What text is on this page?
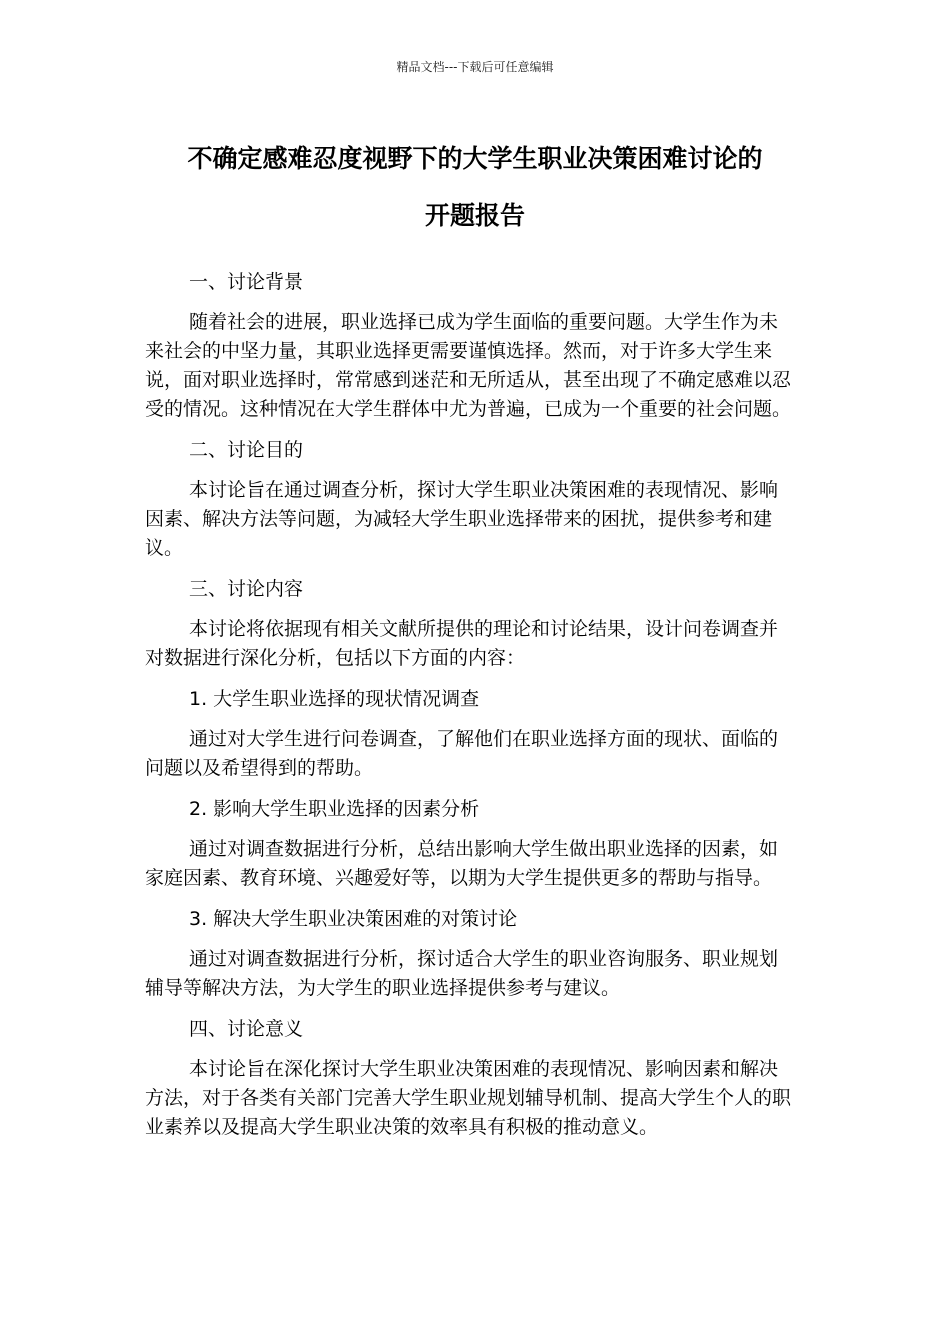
精品文档---下载后可任意编辑
不确定感难忍度视野下的大学生职业决策困难讨论的
开题报告

一、讨论背景

随着社会的进展，职业选择已成为学生面临的重要问题。大学生作为未来社会的中坚力量，其职业选择更需要谨慎选择。然而，对于许多大学生来说，面对职业选择时，常常感到迷茫和无所适从，甚至出现了不确定感难以忍受的情况。这种情况在大学生群体中尤为普遍，已成为一个重要的社会问题。

二、讨论目的

本讨论旨在通过调查分析，探讨大学生职业决策困难的表现情况、影响因素、解决方法等问题，为减轻大学生职业选择带来的困扰，提供参考和建议。

三、讨论内容

本讨论将依据现有相关文献所提供的理论和讨论结果，设计问卷调查并对数据进行深化分析，包括以下方面的内容：

1. 大学生职业选择的现状情况调查

通过对大学生进行问卷调查，了解他们在职业选择方面的现状、面临的问题以及希望得到的帮助。

2. 影响大学生职业选择的因素分析

通过对调查数据进行分析，总结出影响大学生做出职业选择的因素，如家庭因素、教育环境、兴趣爱好等，以期为大学生提供更多的帮助与指导。

3. 解决大学生职业决策困难的对策讨论

通过对调查数据进行分析，探讨适合大学生的职业咨询服务、职业规划辅导等解决方法，为大学生的职业选择提供参考与建议。

四、讨论意义

本讨论旨在深化探讨大学生职业决策困难的表现情况、影响因素和解决方法，对于各类有关部门完善大学生职业规划辅导机制、提高大学生个人的职业素养以及提高大学生职业决策的效率具有积极的推动意义。
